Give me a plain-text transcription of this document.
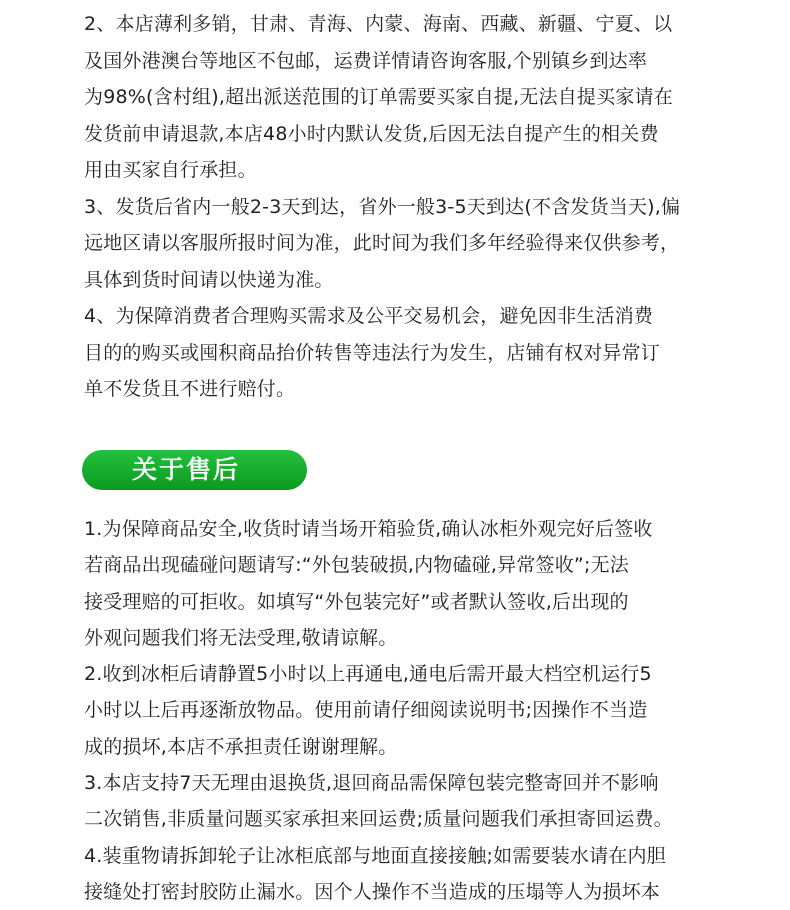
2、本店薄利多销，甘肃、青海、内蒙、海南、西藏、新疆、宁夏、以
及国外港澳台等地区不包邮，运费详情请咨询客服,个别镇乡到达率
为98%(含村组),超出派送范围的订单需要买家自提,无法自提买家请在
发货前申请退款,本店48小时内默认发货,后因无法自提产生的相关费
用由买家自行承担。
3、发货后省内一般2-3天到达，省外一般3-5天到达(不含发货当天),偏
远地区请以客服所报时间为准，此时间为我们多年经验得来仅供参考，
具体到货时间请以快递为准。
4、为保障消费者合理购买需求及公平交易机会，避免因非生活消费
目的的购买或囤积商品抬价转售等违法行为发生，店铺有权对异常订
单不发货且不进行赔付。
关于售后
1.为保障商品安全,收货时请当场开箱验货,确认冰柜外观完好后签收
若商品出现磕碰问题请写:“外包装破损,内物磕碰,异常签收”;无法
接受理赔的可拒收。如填写“外包装完好”或者默认签收,后出现的
外观问题我们将无法受理,敬请谅解。
2.收到冰柜后请静置5小时以上再通电,通电后需开最大档空机运行5
小时以上后再逐渐放物品。使用前请仔细阅读说明书;因操作不当造
成的损坏,本店不承担责任谢谢理解。
3.本店支持7天无理由退换货,退回商品需保障包装完整寄回并不影响
二次销售,非质量问题买家承担来回运费;质量问题我们承担寄回运费。
4.装重物请拆卸轮子让冰柜底部与地面直接接触;如需要装水请在内胆
接缝处打密封胶防止漏水。因个人操作不当造成的压塌等人为损坏本
